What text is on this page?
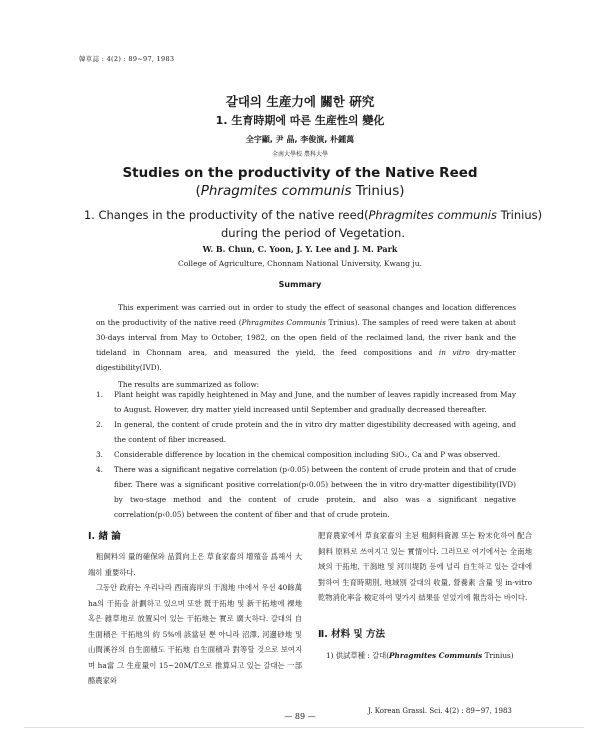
韓草誌 : 4(2) : 89~97, 1983
갈대의 生産力에 關한 硏究
1. 生育時期에 따른 生産性의 變化
全宇顯, 尹 晶, 李俊演, 朴鍾萬
全南大學校 農科大學
Studies on the productivity of the Native Reed
(Phragmites communis Trinius)
1. Changes in the productivity of the native reed(Phragmites communis Trinius)
during the period of Vegetation.
W. B. Chun, C. Yoon, J. Y. Lee and J. M. Park
College of Agriculture, Chonnam National University, Kwang ju.
Summary

This experiment was carried out in order to study the effect of seasonal changes and location differences on the productivity of the native reed (Phragmites Communis Trinius). The samples of reed were taken at about 30-days interval from May to October, 1982, on the open field of the reclaimed land, the river bank and the tideland in Chonnam area, and measured the yield, the feed compositions and in vitro dry-matter digestibility(IVD).

The results are summarized as follow:

1.	Plant height was rapidly heightened in May and June, and the number of leaves rapidly increased from May to August. However, dry matter yield increased until September and gradually decreased thereafter.
2.	In general, the content of crude protein and the in vitro dry matter digestibility decreased with ageing, and the content of fiber increased.
3.	Considerable difference by location in the chemical composition including SiO₂, Ca and P was observed.
4.	There was a significant negative correlation (p‹0.05) between the content of crude protein and that of crude fiber. There was a significant positive correlation(p‹0.05) between the in vitro dry-matter digestibility(IVD) by two-stage method and the content of crude protein, and also was a significant negative correlation(p‹0.05) between the content of fiber and that of crude protein.
Ⅰ. 緖 論

粗飼料의 量的確保와 品質向上은 草食家畜의 增殖을 爲해서 大端히 重要하다.

그동안 政府는 우리나라 西南海岸의 干潟地 中에서 우선 40餘萬ha의 干拓을 計劃하고 있으며 또한 既干拓地 및 新干拓地에 裸地 혹은 雜草地로 放置되어 있는 干拓地는 實로 廣大하다. 갈대의 自生面積은 干拓地의 約 5%에 該當된 뿐 아니라 沼澤, 河邊砂地 및 山間溪谷의 自生面積도 干拓地 自生面積과 對等할 것으로 보여지며 ha當 그 生産量이 15~20M/T으로 推算되고 있는 갈대는 一部 酪農家와

肥育農家에서 草食家畜의 主된 粗飼料資源 또는 粉末化하여 配合飼料 原料로 쓰여지고 있는 實情이다. 그러므로 여기에서는 全南地域의 干拓地, 干潟地 및 河川堤防 등에 널리 自生하고 있는 갈대에 對하여 生育時期別, 地域別 갈대의 收量, 營養素 含量 및 in-vitro 乾物消化率을 檢定하여 몇가지 結果를 얻었기에 報告하는 바이다.

Ⅱ. 材料 및 方法

1) 供試草種 : 갈대(Phragmites Communis Trinius)

J. Korean Grassl. Sci. 4(2) : 89~97, 1983
— 89 —
